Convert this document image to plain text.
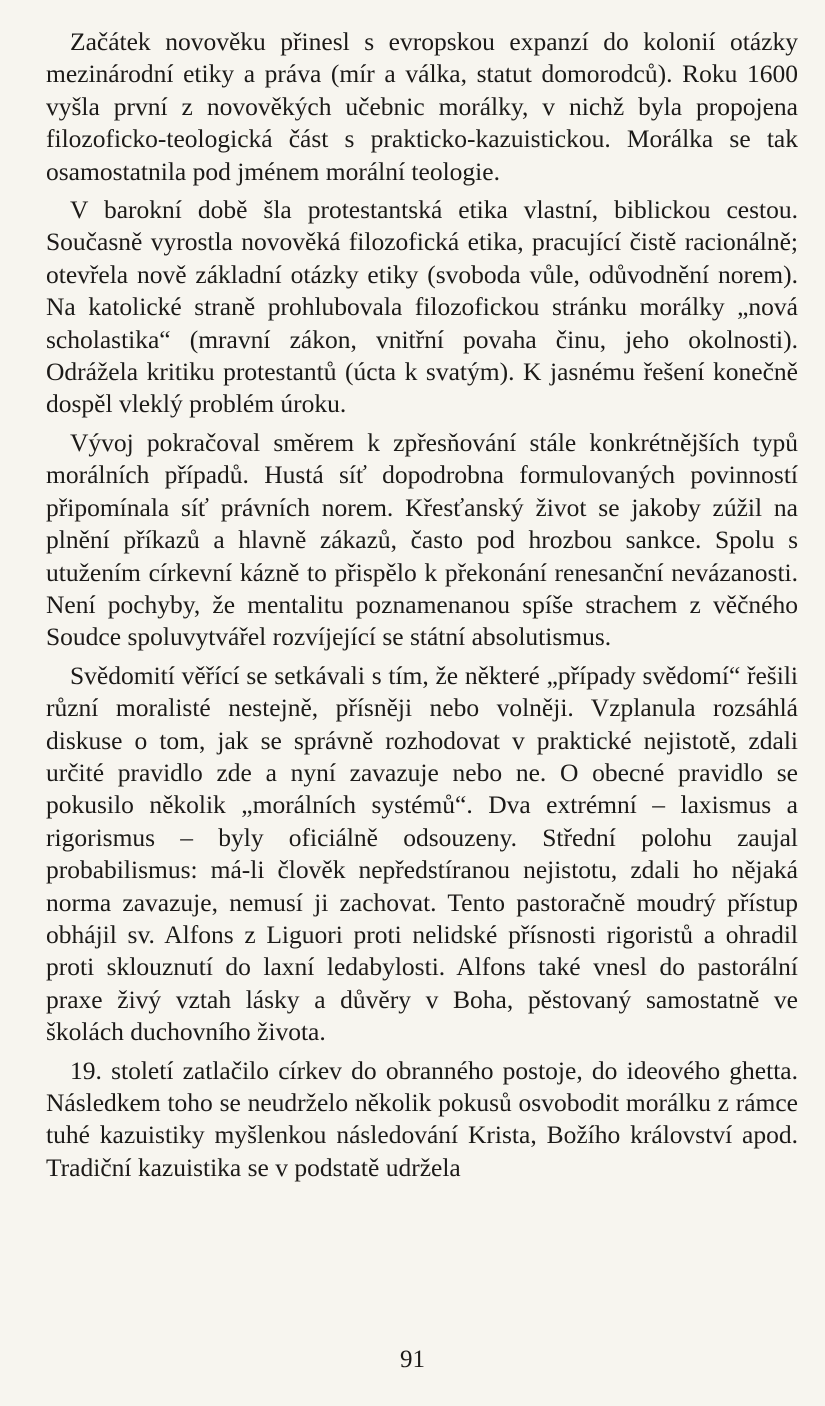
Začátek novověku přinesl s evropskou expanzí do kolonií otázky mezinárodní etiky a práva (mír a válka, statut domorodců). Roku 1600 vyšla první z novověkých učebnic morálky, v nichž byla propojena filozoficko-teologická část s prakticko-kazuistickou. Morálka se tak osamostatnila pod jménem morální teologie.

V barokní době šla protestantská etika vlastní, biblickou cestou. Současně vyrostla novověká filozofická etika, pracující čistě racionálně; otevřela nově základní otázky etiky (svoboda vůle, odůvodnění norem). Na katolické straně prohlubovala filozofickou stránku morálky „nová scholastika“ (mravní zákon, vnitřní povaha činu, jeho okolnosti). Odrážela kritiku protestantů (úcta k svatým). K jasnému řešení konečně dospěl vleklý problém úroku.

Vývoj pokračoval směrem k zpřesňování stále konkrétnějších typů morálních případů. Hustá síť dopodrobna formulovaných povinností připomínala síť právních norem. Křesťanský život se jakoby zúžil na plnění příkazů a hlavně zákazů, často pod hrozbou sankce. Spolu s utužením církevní kázně to přispělo k překonání renesanční nevázanosti. Není pochyby, že mentalitu poznamenanou spíše strachem z věčného Soudce spoluvytvářel rozvíjející se státní absolutismus.

Svědomití věřící se setkávali s tím, že některé „případy svědomí“ řešili různí moralisté nestejně, přísněji nebo volněji. Vzplanula rozsáhlá diskuse o tom, jak se správně rozhodovat v praktické nejistotě, zdali určité pravidlo zde a nyní zavazuje nebo ne. O obecné pravidlo se pokusilo několik „morálních systémů“. Dva extrémní – laxismus a rigorismus – byly oficiálně odsouzeny. Střední polohu zaujal probabilismus: má-li člověk nepředstíranou nejistotu, zdali ho nějaká norma zavazuje, nemusí ji zachovat. Tento pastoračně moudrý přístup obhájil sv. Alfons z Liguori proti nelidské přísnosti rigoristů a ohradil proti sklouznutí do laxní ledabylosti. Alfons také vnesl do pastorální praxe živý vztah lásky a důvěry v Boha, pěstovaný samostatně ve školách duchovního života.

19. století zatlačilo církev do obranného postoje, do ideového ghetta. Následkem toho se neudrželo několik pokusů osvobodit morálku z rámce tuhé kazuistiky myšlenkou následování Krista, Božího království apod. Tradiční kazuistika se v podstatě udržela

91
